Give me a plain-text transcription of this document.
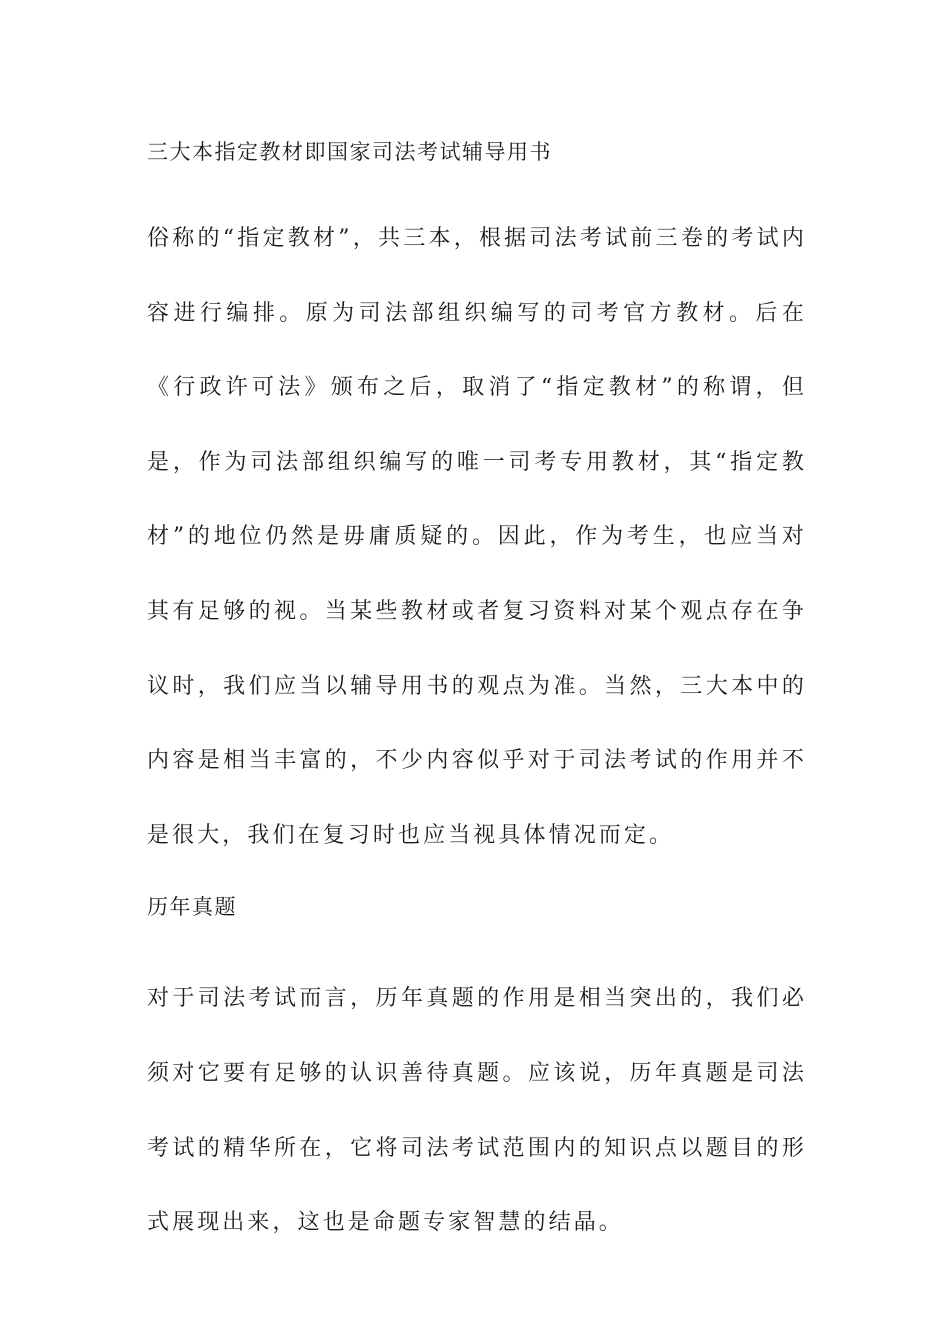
三大本指定教材即国家司法考试辅导用书

俗称的“指定教材”，共三本，根据司法考试前三卷的考试内容进行编排。原为司法部组织编写的司考官方教材。后在《行政许可法》颁布之后，取消了“指定教材”的称谓，但是，作为司法部组织编写的唯一司考专用教材，其“指定教材”的地位仍然是毋庸质疑的。因此，作为考生，也应当对其有足够的视。当某些教材或者复习资料对某个观点存在争议时，我们应当以辅导用书的观点为准。当然，三大本中的内容是相当丰富的，不少内容似乎对于司法考试的作用并不是很大，我们在复习时也应当视具体情况而定。

历年真题

对于司法考试而言，历年真题的作用是相当突出的，我们必须对它要有足够的认识善待真题。应该说，历年真题是司法考试的精华所在，它将司法考试范围内的知识点以题目的形式展现出来，这也是命题专家智慧的结晶。
